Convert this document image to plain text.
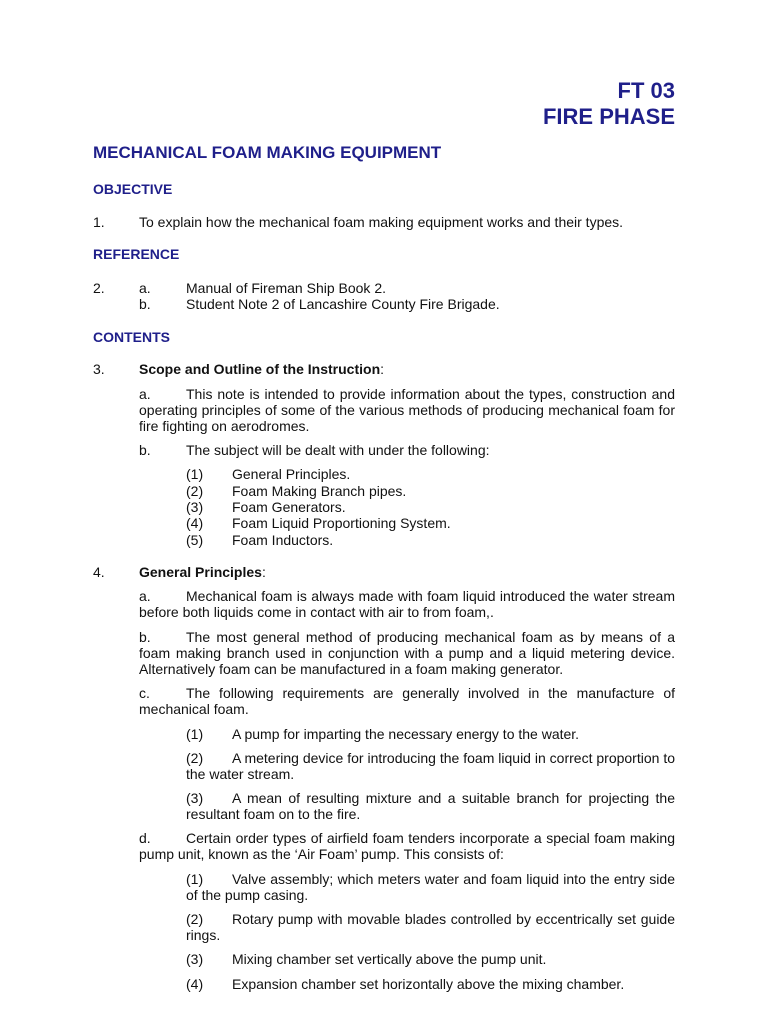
FT 03
FIRE PHASE
MECHANICAL FOAM MAKING EQUIPMENT
OBJECTIVE
1. To explain how the mechanical foam making equipment works and their types.
REFERENCE
2. a.	Manual of Fireman Ship Book 2.
b.	Student Note 2 of Lancashire County Fire Brigade.
CONTENTS
3. Scope and Outline of the Instruction:
a.	This note is intended to provide information about the types, construction and operating principles of some of the various methods of producing mechanical foam for fire fighting on aerodromes.
b.	The subject will be dealt with under the following:
(1) General Principles.
(2) Foam Making Branch pipes.
(3) Foam Generators.
(4) Foam Liquid Proportioning System.
(5) Foam Inductors.
4. General Principles:
a.	Mechanical foam is always made with foam liquid introduced the water stream before both liquids come in contact with air to from foam,.
b.	The most general method of producing mechanical foam as by means of a foam making branch used in conjunction with a pump and a liquid metering device. Alternatively foam can be manufactured in a foam making generator.
c.	The following requirements are generally involved in the manufacture of mechanical foam.
(1) A pump for imparting the necessary energy to the water.
(2) A metering device for introducing the foam liquid in correct proportion to the water stream.
(3) A mean of resulting mixture and a suitable branch for projecting the resultant foam on to the fire.
d.	Certain order types of airfield foam tenders incorporate a special foam making pump unit, known as the ‘Air Foam’ pump. This consists of:
(1) Valve assembly; which meters water and foam liquid into the entry side of the pump casing.
(2) Rotary pump with movable blades controlled by eccentrically set guide rings.
(3) Mixing chamber set vertically above the pump unit.
(4) Expansion chamber set horizontally above the mixing chamber.
